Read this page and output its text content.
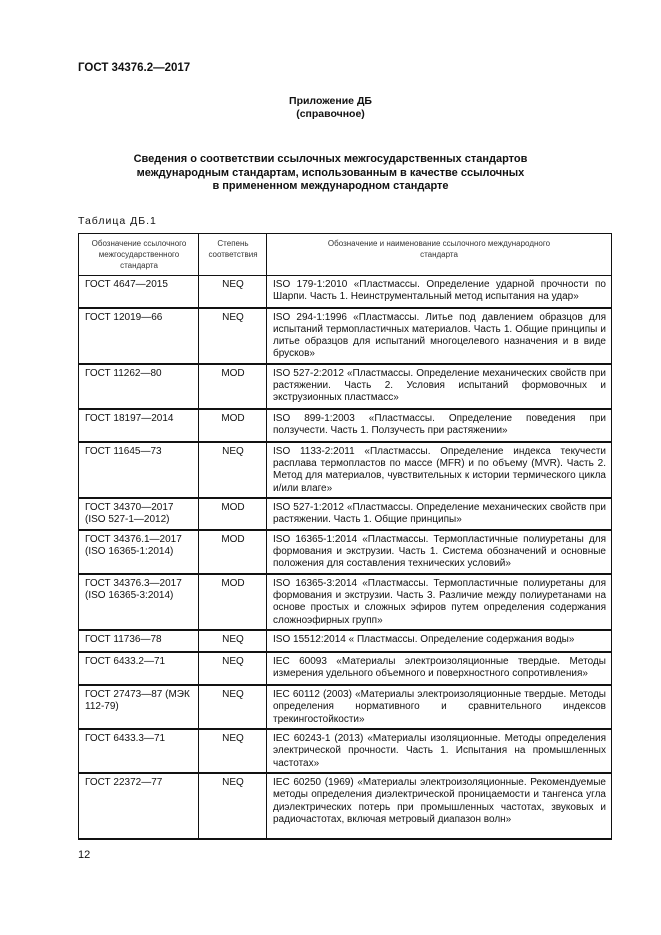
ГОСТ 34376.2—2017
Приложение ДБ
(справочное)
Сведения о соответствии ссылочных межгосударственных стандартов
международным стандартам, использованным в качестве ссылочных
в примененном международном стандарте
Таблица ДБ.1
Обозначение ссылочного межгосударственного стандарта	Степень соответствия	Обозначение и наименование ссылочного международного стандарта
ГОСТ 4647—2015	NEQ	ISO 179-1:2010 «Пластмассы. Определение ударной прочности по Шарпи. Часть 1. Неинструментальный метод испытания на удар»
ГОСТ 12019—66	NEQ	ISO 294-1:1996 «Пластмассы. Литье под давлением образцов для испытаний термопластичных материалов. Часть 1. Общие принципы и литье образцов для испытаний многоцелевого назначения и в виде брусков»
ГОСТ 11262—80	MOD	ISO 527-2:2012 «Пластмассы. Определение механических свойств при растяжении. Часть 2. Условия испытаний формовочных и экструзионных пластмасс»
ГОСТ 18197—2014	MOD	ISO 899-1:2003 «Пластмассы. Определение поведения при ползучести. Часть 1. Ползучесть при растяжении»
ГОСТ 11645—73	NEQ	ISO 1133-2:2011 «Пластмассы. Определение индекса текучести расплава термопластов по массе (MFR) и по объему (MVR). Часть 2. Метод для материалов, чувствительных к истории термического цикла и/или влаге»
ГОСТ 34370—2017 (ISO 527-1—2012)	MOD	ISO 527-1:2012 «Пластмассы. Определение механических свойств при растяжении. Часть 1. Общие принципы»
ГОСТ 34376.1—2017 (ISO 16365-1:2014)	MOD	ISO 16365-1:2014 «Пластмассы. Термопластичные полиуретаны для формования и экструзии. Часть 1. Система обозначений и основные положения для составления технических условий»
ГОСТ 34376.3—2017 (ISO 16365-3:2014)	MOD	ISO 16365-3:2014 «Пластмассы. Термопластичные полиуретаны для формования и экструзии. Часть 3. Различие между полиуретанами на основе простых и сложных эфиров путем определения содержания сложноэфирных групп»
ГОСТ 11736—78	NEQ	ISO 15512:2014 « Пластмассы. Определение содержания воды»
ГОСТ 6433.2—71	NEQ	IEC 60093 «Материалы электроизоляционные твердые. Методы измерения удельного объемного и поверхностного сопротивления»
ГОСТ 27473—87 (МЭК 112-79)	NEQ	IEC 60112 (2003) «Материалы электроизоляционные твердые. Методы определения нормативного и сравнительного индексов трекингостойкости»
ГОСТ 6433.3—71	NEQ	IEC 60243-1 (2013) «Материалы изоляционные. Методы определения электрической прочности. Часть 1. Испытания на промышленных частотах»
ГОСТ 22372—77	NEQ	IEC 60250 (1969) «Материалы электроизоляционные. Рекомендуемые методы определения диэлектрической проницаемости и тангенса угла диэлектрических потерь при промышленных частотах, звуковых и радиочастотах, включая метровый диапазон волн»
12
